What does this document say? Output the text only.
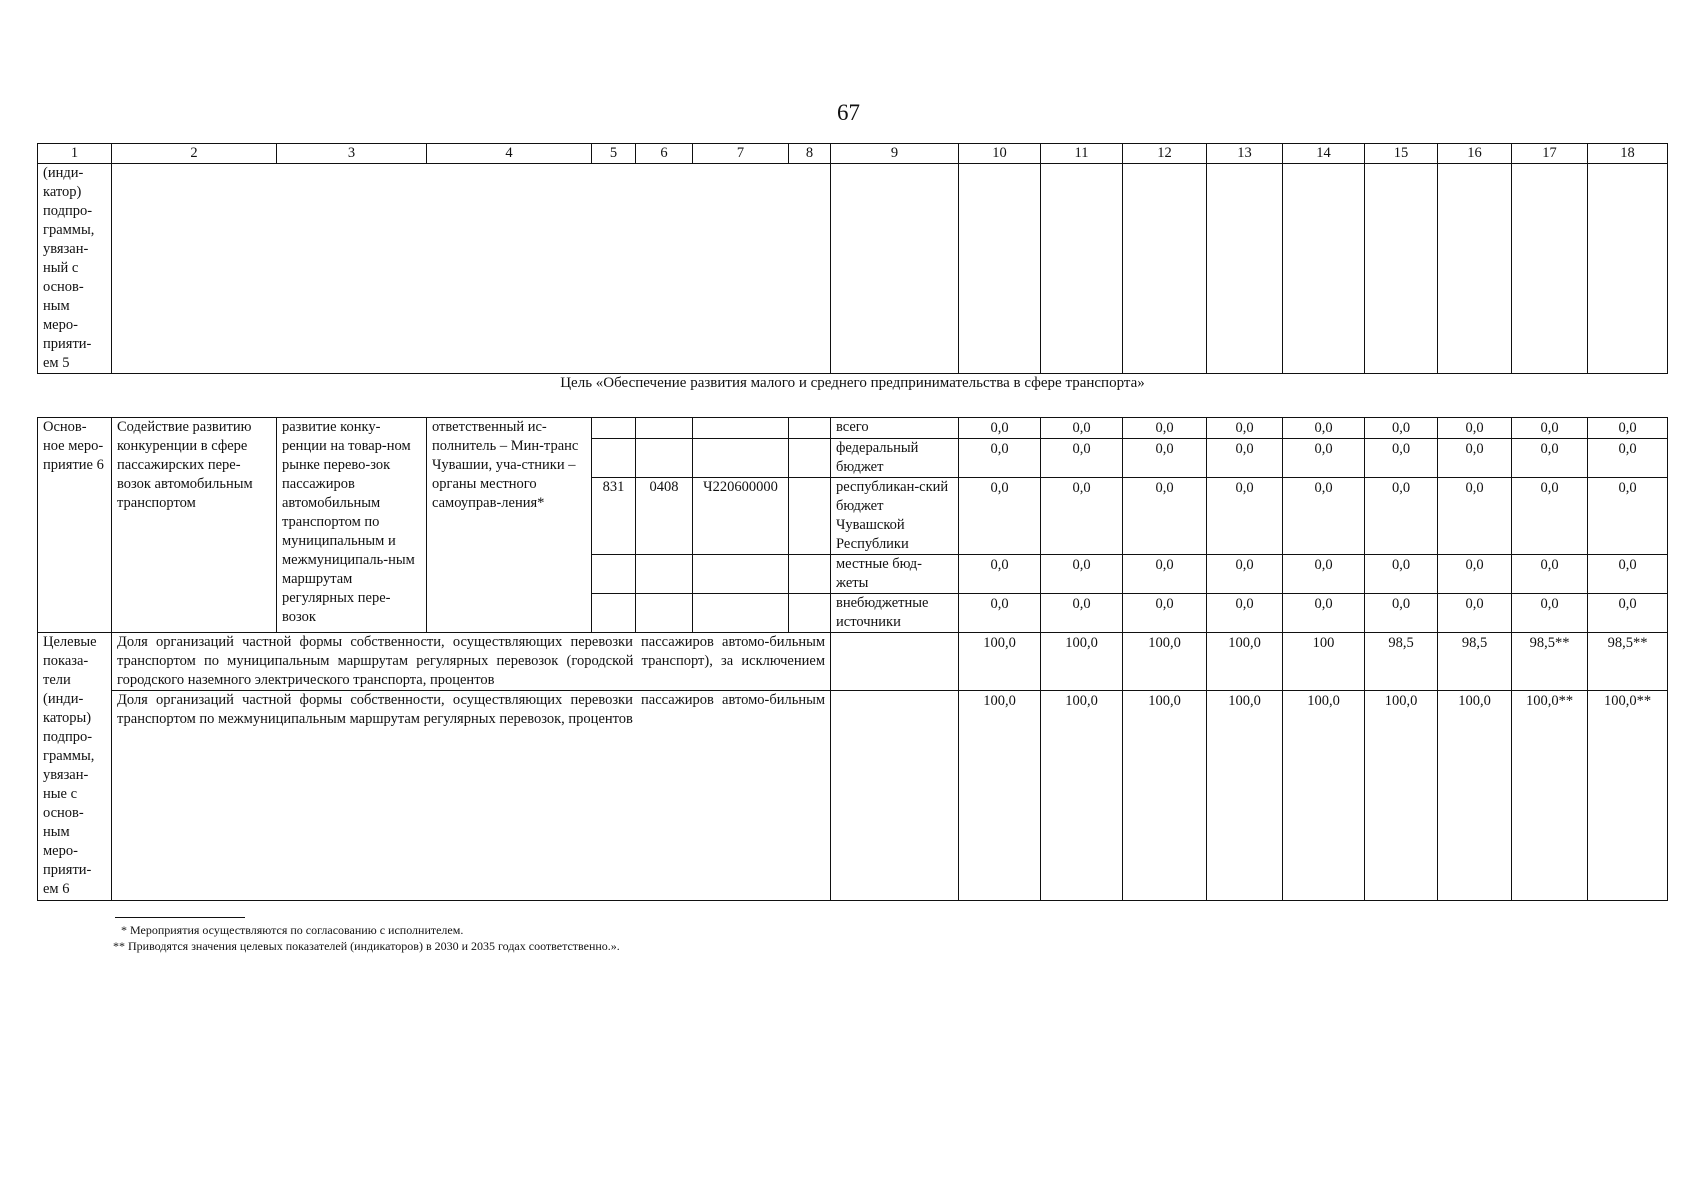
67
1	2	3	4	5	6	7	8	9	10	11	12	13	14	15	16	17	18
(инди-катор) подпро-граммы, увязан-ный с основ-ным меро-прияти-ем 5																	
Цель «Обеспечение развития малого и среднего предпринимательства в сфере транспорта»																	
Основ-ное меро-приятие 6	Содействие развитию конкуренции в сфере пассажирских пере-возок автомобильным транспортом	развитие конку-ренции на товар-ном рынке перево-зок пассажиров автомобильным транспортом по муниципальным и межмуниципаль-ным маршрутам регулярных пере-возок	ответственный ис-полнитель – Мин-транс Чувашии, уча-стники – органы местного самоуправ-ления*					всего	0,0	0,0	0,0	0,0	0,0	0,0	0,0	0,0	0,0
								федеральный бюджет	0,0	0,0	0,0	0,0	0,0	0,0	0,0	0,0	0,0
				831	0408	Ч220600000		республикан-ский бюджет Чувашской Республики	0,0	0,0	0,0	0,0	0,0	0,0	0,0	0,0	0,0
								местные бюд-жеты	0,0	0,0	0,0	0,0	0,0	0,0	0,0	0,0	0,0
								внебюджетные источники	0,0	0,0	0,0	0,0	0,0	0,0	0,0	0,0	0,0
Целевые показа-тели (инди-каторы) подпро-граммы, увязан-ные с основ-ным меро-прияти-ем 6	Доля организаций частной формы собственности, осуществляющих перевозки пассажиров автомо-бильным транспортом по муниципальным маршрутам регулярных перевозок (городской транспорт), за исключением городского наземного электрического транспорта, процентов								100,0	100,0	100,0	100,0	100	98,5	98,5	98,5**	98,5**
	Доля организаций частной формы собственности, осуществляющих перевозки пассажиров автомо-бильным транспортом по межмуниципальным маршрутам регулярных перевозок, процентов								100,0	100,0	100,0	100,0	100,0	100,0	100,0	100,0**	100,0**
* Мероприятия осуществляются по согласованию с исполнителем.
** Приводятся значения целевых показателей (индикаторов) в 2030 и 2035 годах соответственно.».
